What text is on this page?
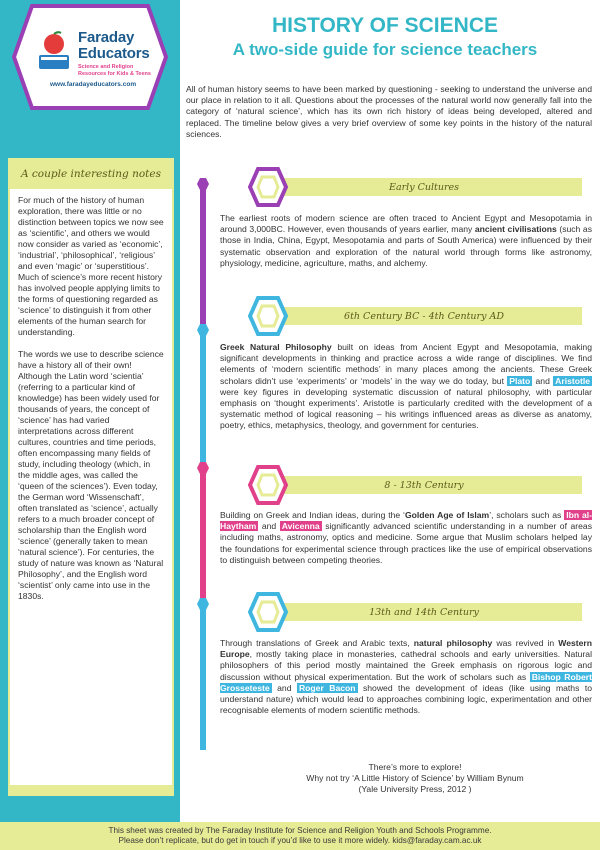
Faraday
Educators
Science and Religion
Resources for Kids & Teens
www.faradayeducators.com
A couple interesting notes

For much of the history of human exploration, there was little or no distinction between topics we now see as ‘scientific’, and others we would now consider as varied as ‘economic’, ‘industrial’, ‘philosophical’, ‘religious’ and even ‘magic’ or ‘superstitious’. Much of science’s more recent history has involved people applying limits to the forms of questioning regarded as ‘science’ to distinguish it from other elements of the human search for understanding.

The words we use to describe science have a history all of their own! Although the Latin word ‘scientia’ (referring to a particular kind of knowledge) has been widely used for thousands of years, the concept of ‘science’ has had varied interpretations across different cultures, countries and time periods, often encompassing many fields of study, including theology (which, in the middle ages, was called the ‘queen of the sciences’). Even today, the German word ‘Wissenschaft’, often translated as ‘science’, actually refers to a much broader concept of scholarship than the English word ‘science’ (generally taken to mean ‘natural science’). For centuries, the study of nature was known as ‘Natural Philosophy’, and the English word ‘scientist’ only came into use in the 1830s.

HISTORY OF SCIENCE
A two-side guide for science teachers
All of human history seems to have been marked by questioning - seeking to understand the universe and our place in relation to it all. Questions about the processes of the natural world now generally fall into the category of ‘natural science’, which has its own rich history of ideas being developed, altered and replaced. The timeline below gives a very brief overview of some key points in the history of the natural sciences.
Early Cultures
The earliest roots of modern science are often traced to Ancient Egypt and Mesopotamia in around 3,000BC. However, even thousands of years earlier, many ancient civilisations (such as those in India, China, Egypt, Mesopotamia and parts of South America) were influenced by their systematic observation and exploration of the natural world through forms like astronomy, physiology, medicine, agriculture, maths, and alchemy.
6th Century BC - 4th Century AD
Greek Natural Philosophy built on ideas from Ancient Egypt and Mesopotamia, making significant developments in thinking and practice across a wide range of disciplines. We find elements of ‘modern scientific methods’ in many places among the ancients. These Greek scholars didn’t use ‘experiments’ or ‘models’ in the way we do today, but Plato and Aristotle were key figures in developing systematic discussion of natural philosophy, with particular emphasis on ‘thought experiments’. Aristotle is particularly credited with the development of a systematic method of logical reasoning – his writings influenced areas as diverse as anatomy, poetry, ethics, metaphysics, theology, and government for centuries.
8 - 13th Century
Building on Greek and Indian ideas, during the ‘Golden Age of Islam’, scholars such as Ibn al-Haytham and Avicenna significantly advanced scientific understanding in a number of areas including maths, astronomy, optics and medicine. Some argue that Muslim scholars helped lay the foundations for experimental science through practices like the use of empirical observations to distinguish between competing theories.
13th and 14th Century
Through translations of Greek and Arabic texts, natural philosophy was revived in Western Europe, mostly taking place in monasteries, cathedral schools and early universities. Natural philosophers of this period mostly maintained the Greek emphasis on rigorous logic and discussion without physical experimentation. But the work of scholars such as Bishop Robert Grosseteste and Roger Bacon showed the development of ideas (like using maths to understand nature) which would lead to approaches combining logic, experimentation and other recognisable elements of modern scientific methods.
There’s more to explore!
Why not try ‘A Little History of Science’ by William Bynum
(Yale University Press, 2012 )
This sheet was created by The Faraday Institute for Science and Religion Youth and Schools Programme.
Please don’t replicate, but do get in touch if you’d like to use it more widely. kids@faraday.cam.ac.uk
